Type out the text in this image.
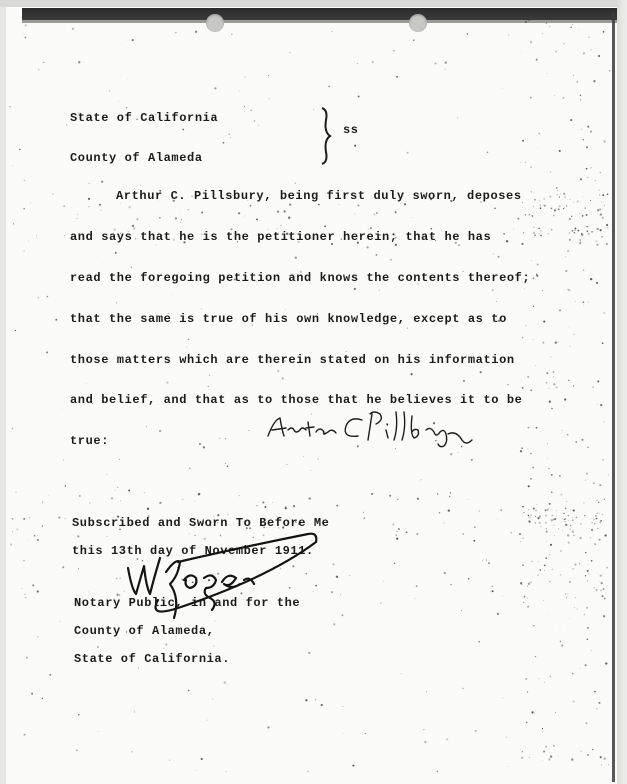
State of California
County of Alameda
ss
Arthur C. Pillsbury, being first duly sworn, deposes
and says that he is the petitioner herein; that he has
read the foregoing petition and knows the contents thereof;
that the same is true of his own knowledge, except as to
those matters which are therein stated on his information
and belief, and that as to those that he believes it to be
true:
Subscribed and Sworn To Before Me
this 13th day of November 1911.
Notary Public, in and for the
County of Alameda,
State of California.
